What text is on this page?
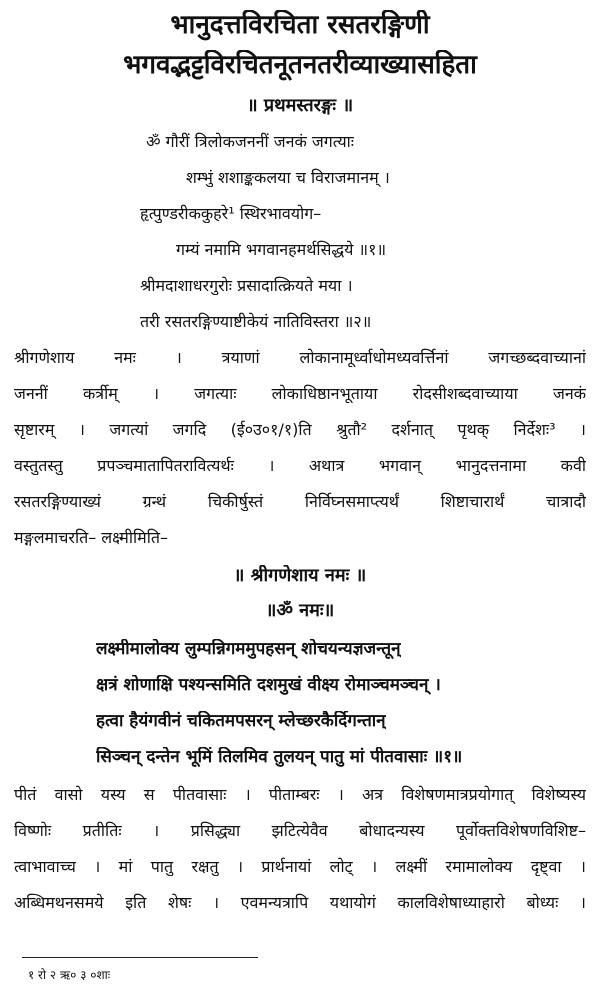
भानुदत्तविरचिता रसतरङ्गिणी
भगवद्भट्टविरचितनूतनतरीव्याख्यासहिता
॥ प्रथमस्तरङ्गः ॥
ॐ गौरीं त्रिलोकजननीं जनकं जगत्याः
शम्भुं शशाङ्ककलया च विराजमानम् ।
हृत्पुण्डरीककुहरे¹ स्थिरभावयोग–
गम्यं नमामि भगवानहमर्थसिद्धये ॥१॥
श्रीमदाशाधरगुरोः प्रसादात्क्रियते मया ।
तरी रसतरङ्गिण्याष्टीकेयं नातिविस्तरा ॥२॥
श्रीगणेशाय नमः । त्रयाणां लोकानामूर्ध्वाधोमध्यवर्त्तिनां जगच्छब्दवाच्यानां
जननीं कर्त्रीम् । जगत्याः लोकाधिष्ठानभूताया रोदसीशब्दवाच्याया जनकं
सृष्टारम् । जगत्यां जगदि (ई०उ०१/१)ति श्रुतौ² दर्शनात् पृथक् निर्देशः³ ।
वस्तुतस्तु प्रपञ्चमातापितरावित्यर्थः । अथात्र भगवान् भानुदत्तनामा कवी
रसतरङ्गिण्याख्यं ग्रन्थं चिकीर्षुस्तं निर्विघ्नसमाप्त्यर्थं शिष्टाचारार्थं चात्रादौ
मङ्गलमाचरति– लक्ष्मीमिति–
॥ श्रीगणेशाय नमः ॥
॥ॐ नमः॥
लक्ष्मीमालोक्य लुम्पन्निगममुपहसन् शोचयन्यज्ञजन्तून्
क्षत्रं शोणाक्षि पश्यन्समिति दशमुखं वीक्ष्य रोमाञ्चमञ्चन् ।
हत्वा हैयंगवीनं चकितमपसरन् म्लेच्छरकैर्दिगन्तान्
सिञ्चन् दन्तेन भूमिं तिलमिव तुलयन् पातु मां पीतवासाः ॥१॥
पीतं वासो यस्य स पीतवासाः । पीताम्बरः । अत्र विशेषणमात्रप्रयोगात् विशेष्यस्य
विष्णोः प्रतीतिः । प्रसिद्ध्या झटित्येवैव बोधादन्यस्य पूर्वोक्तविशेषणविशिष्ट–
त्वाभावाच्च । मां पातु रक्षतु । प्रार्थनायां लोट् । लक्ष्मीं रमामालोक्य दृष्ट्वा ।
अब्धिमथनसमये इति शेषः । एवमन्यत्रापि यथायोगं कालविशेषाध्याहारो बोध्यः ।
१ रो २ ऋ० ३ ०शाः
